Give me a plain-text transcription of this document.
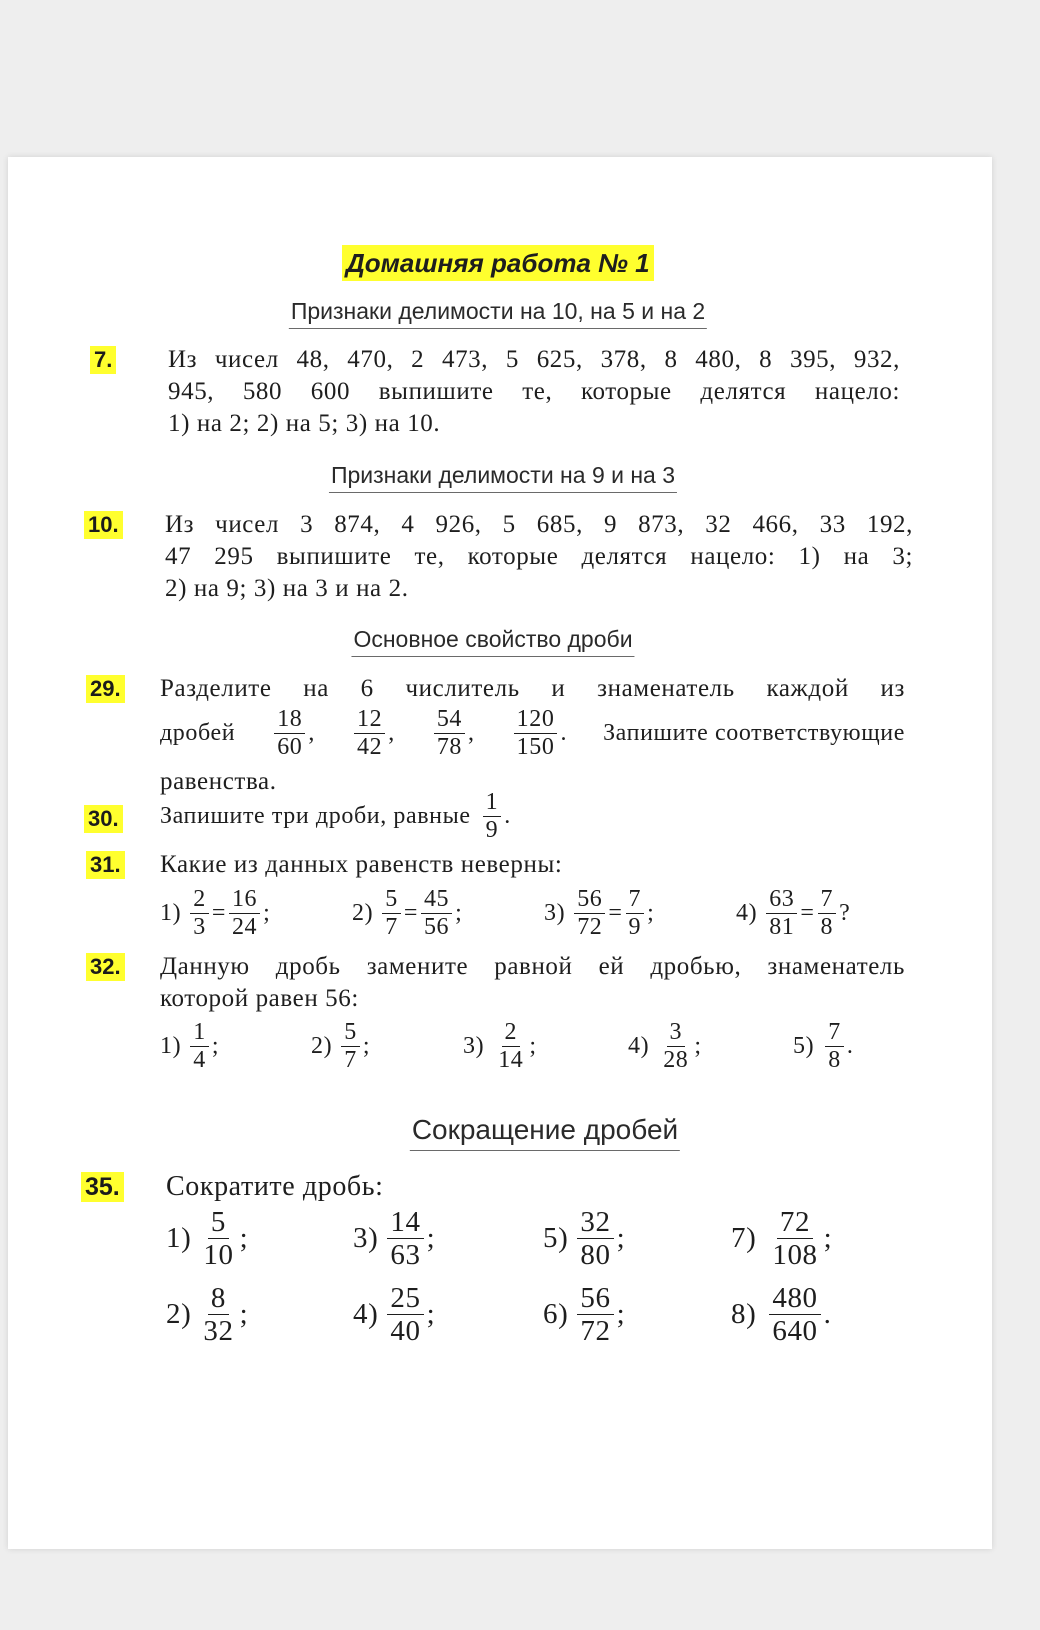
Домашняя работа № 1
Признаки делимости на 10, на 5 и на 2
7. Из чисел 48, 470, 2 473, 5 625, 378, 8 480, 8 395, 932,
945, 580 600 выпишите те, которые делятся нацело:
1) на 2; 2) на 5; 3) на 10.
Признаки делимости на 9 и на 3
10. Из чисел 3 874, 4 926, 5 685, 9 873, 32 466, 33 192,
47 295 выпишите те, которые делятся нацело: 1) на 3;
2) на 9; 3) на 3 и на 2.
Основное свойство дроби
29. Разделите на 6 числитель и знаменатель каждой из
дробей $\frac{18}{60}$ , $\frac{12}{42}$ , $\frac{54}{78}$ , $\frac{120}{150}$ . Запишите соответствующие
равенства.
30. Запишите три дроби, равные $\frac{1}{9}$ .
31. Какие из данных равенств неверны:
$1) \frac{2}{3} = \frac{16}{24}$ ;	$2) \frac{5}{7} = \frac{45}{56}$ ;	$3) \frac{56}{72} = \frac{7}{9}$ ;	$4) \frac{63}{81} = \frac{7}{8}$ ?
32. Данную дробь замените равной ей дробью, знаменатель
которой равен 56:
$1) \frac{1}{4}$ ;	$2) \frac{5}{7}$ ;	$3) \frac{2}{14}$ ;	$4) \frac{3}{28}$ ;	$5) \frac{7}{8}$ .
Сокращение дробей
35. Сократите дробь:
$1) \frac{5}{10}$ ;	$3) \frac{14}{63}$ ;	$5) \frac{32}{80}$ ;	$7) \frac{72}{108}$ ;
$2) \frac{8}{32}$ ;	$4) \frac{25}{40}$ ;	$6) \frac{56}{72}$ ;	$8) \frac{480}{640}$ .
